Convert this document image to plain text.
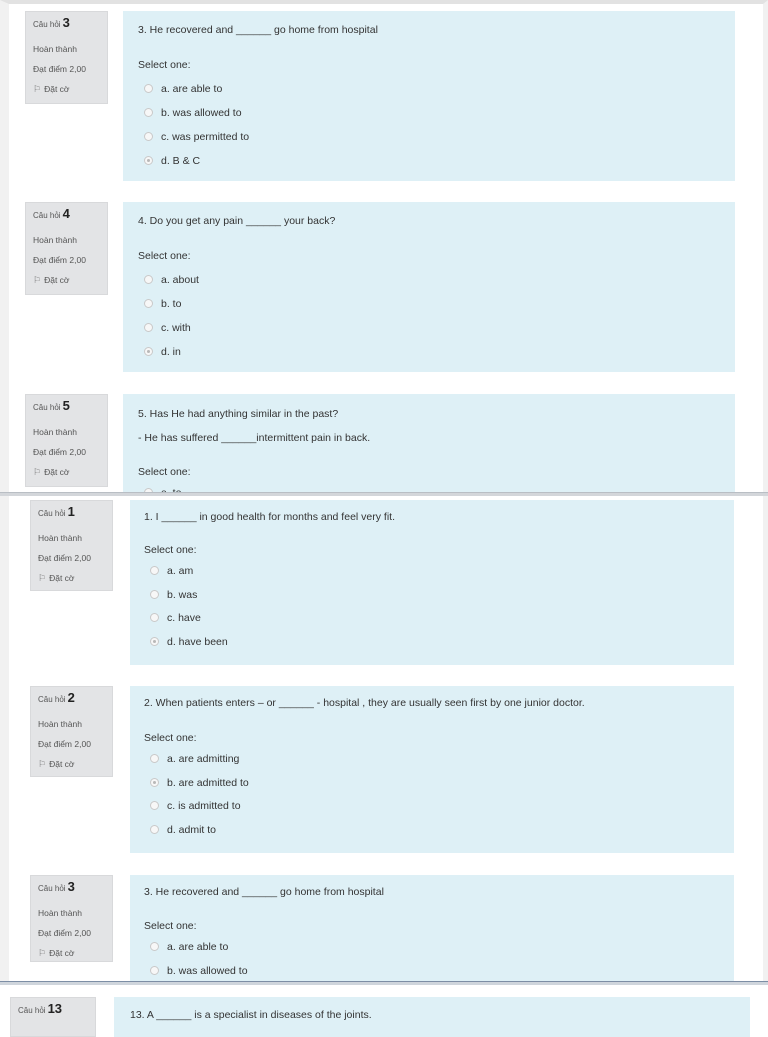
Câu hỏi 3
Hoàn thành
Đạt điểm 2,00
⚐ Đặt cờ
3. He recovered and ______ go home from hospital
Select one:
a. are able to
b. was allowed to
c. was permitted to
d. B & C
Câu hỏi 4
Hoàn thành
Đạt điểm 2,00
⚐ Đặt cờ
4. Do you get any pain ______ your back?
Select one:
a. about
b. to
c. with
d. in
Câu hỏi 5
Hoàn thành
Đạt điểm 2,00
⚐ Đặt cờ
5. Has He had anything similar in the past?
- He has suffered ______intermittent pain in back.
Select one:
Câu hỏi 1
Hoàn thành
Đạt điểm 2,00
⚐ Đặt cờ
1. I ______ in good health for months and feel very fit.
Select one:
a. am
b. was
c. have
d. have been
Câu hỏi 2
Hoàn thành
Đạt điểm 2,00
⚐ Đặt cờ
2. When patients enters – or ______ - hospital , they are usually seen first by one junior doctor.
Select one:
a. are admitting
b. are admitted to
c. is admitted to
d. admit to
Câu hỏi 3
Hoàn thành
Đạt điểm 2,00
⚐ Đặt cờ
3. He recovered and ______ go home from hospital
Select one:
a. are able to
b. was allowed to
Câu hỏi 13	13. A ______ is a specialist in diseases of the joints.
